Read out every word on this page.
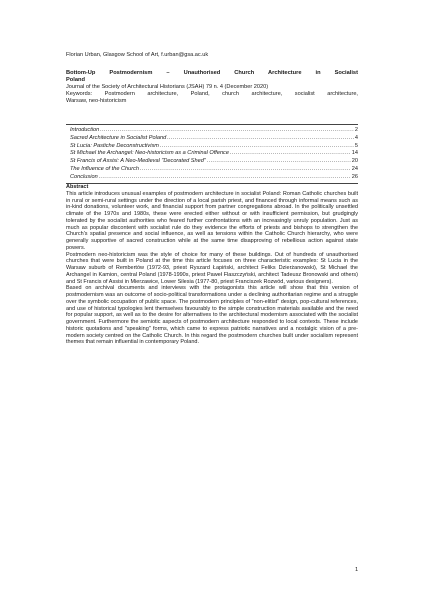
Florian Urban, Glasgow School of Art, f.urban@gsa.ac.uk
Bottom-Up Postmodernism – Unauthorised Church Architecture in Socialist
Poland
Journal of the Society of Architectural Historians (JSAH) 79 n. 4 (December 2020)
Keywords: Postmodern architecture, Poland, church architecture, socialist architecture,
Warsaw, neo-historicism
Introduction .....	2
Sacred Architecture in Socialist Poland .....	4
St Lucia: Pastiche Deconstructivism .....	5
St Michael the Archangel: Neo-historicism as a Criminal Offence .....	14
St Francis of Assisi: A Neo-Medieval "Decorated Shed" .....	20
The Influence of the Church .....	24
Conclusion .....	26

Abstract

This article introduces unusual examples of postmodern architecture in socialist Poland: Roman Catholic churches built in rural or semi-rural settings under the direction of a local parish priest, and financed through informal means such as in-kind donations, volunteer work, and financial support from partner congregations abroad. In the politically unsettled climate of the 1970s and 1980s, these were erected either without or with insufficient permission, but grudgingly tolerated by the socialist authorities who feared further confrontations with an increasingly unruly population. Just as much as popular discontent with socialist rule do they evidence the efforts of priests and bishops to strengthen the Church's spatial presence and social influence, as well as tensions within the Catholic Church hierarchy, who were generally supportive of sacred construction while at the same time disapproving of rebellious action against state powers.

Postmodern neo-historicism was the style of choice for many of these buildings. Out of hundreds of unauthorised churches that were built in Poland at the time this article focuses on three characteristic examples: St Lucia in the Warsaw suburb of Rembertów (1972-93, priest Ryszard Łapiński, architect Feliks Dzierżanowski), St Michael the Archangel in Kamion, central Poland (1978-1990s, priest Paweł Flaszczyński, architect Tadeusz Bronowski and others) and St Francis of Assisi in Mierzawice, Lower Silesia (1977-80, priest Franciszek Rozwód, various designers).

Based on archival documents and interviews with the protagonists this article will show that this version of postmodernism was an outcome of socio-political transformations under a declining authoritarian regime and a struggle over the symbolic occupation of public space. The postmodern principles of "non-elitist" design, pop-cultural references, and use of historical typologies lent themselves favourably to the simple construction materials available and the need for popular support, as well as to the desire for alternatives to the architectural modernism associated with the socialist government. Furthermore the semiotic aspects of postmodern architecture responded to local contexts. These include historic quotations and "speaking" forms, which came to express patriotic narratives and a nostalgic vision of a pre-modern society centred on the Catholic Church. In this regard the postmodern churches built under socialism represent themes that remain influential in contemporary Poland.

1
